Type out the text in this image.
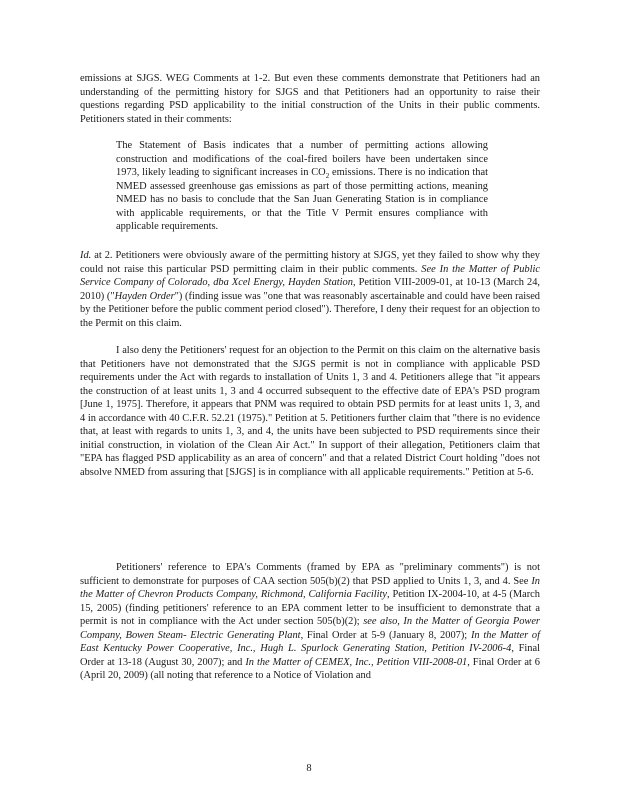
emissions at SJGS. WEG Comments at 1-2. But even these comments demonstrate that Petitioners had an understanding of the permitting history for SJGS and that Petitioners had an opportunity to raise their questions regarding PSD applicability to the initial construction of the Units in their public comments. Petitioners stated in their comments:

The Statement of Basis indicates that a number of permitting actions allowing construction and modifications of the coal-fired boilers have been undertaken since 1973, likely leading to significant increases in $CO_2$ emissions. There is no indication that NMED assessed greenhouse gas emissions as part of those permitting actions, meaning NMED has no basis to conclude that the San Juan Generating Station is in compliance with applicable requirements, or that the Title V Permit ensures compliance with applicable requirements.

Id. at 2. Petitioners were obviously aware of the permitting history at SJGS, yet they failed to show why they could not raise this particular PSD permitting claim in their public comments. See In the Matter of Public Service Company of Colorado, dba Xcel Energy, Hayden Station, Petition VIII-2009-01, at 10-13 (March 24, 2010) ("Hayden Order") (finding issue was "one that was reasonably ascertainable and could have been raised by the Petitioner before the public comment period closed"). Therefore, I deny their request for an objection to the Permit on this claim.

I also deny the Petitioners' request for an objection to the Permit on this claim on the alternative basis that Petitioners have not demonstrated that the SJGS permit is not in compliance with applicable PSD requirements under the Act with regards to installation of Units 1, 3 and 4. Petitioners allege that "it appears the construction of at least units 1, 3 and 4 occurred subsequent to the effective date of EPA's PSD program [June 1, 1975]. Therefore, it appears that PNM was required to obtain PSD permits for at least units 1, 3, and 4 in accordance with 40 C.F.R. 52.21 (1975)." Petition at 5. Petitioners further claim that "there is no evidence that, at least with regards to units 1, 3, and 4, the units have been subjected to PSD requirements since their initial construction, in violation of the Clean Air Act." In support of their allegation, Petitioners claim that "EPA has flagged PSD applicability as an area of concern" and that a related District Court holding "does not absolve NMED from assuring that [SJGS] is in compliance with all applicable requirements." Petition at 5-6.

Petitioners' reference to EPA's Comments (framed by EPA as "preliminary comments") is not sufficient to demonstrate for purposes of CAA section 505(b)(2) that PSD applied to Units 1, 3, and 4. See In the Matter of Chevron Products Company, Richmond, California Facility, Petition IX-2004-10, at 4-5 (March 15, 2005) (finding petitioners' reference to an EPA comment letter to be insufficient to demonstrate that a permit is not in compliance with the Act under section 505(b)(2); see also, In the Matter of Georgia Power Company, Bowen Steam- Electric Generating Plant, Final Order at 5-9 (January 8, 2007); In the Matter of East Kentucky Power Cooperative, Inc., Hugh L. Spurlock Generating Station, Petition IV-2006-4, Final Order at 13-18 (August 30, 2007); and In the Matter of CEMEX, Inc., Petition VIII-2008-01, Final Order at 6 (April 20, 2009) (all noting that reference to a Notice of Violation and

8
